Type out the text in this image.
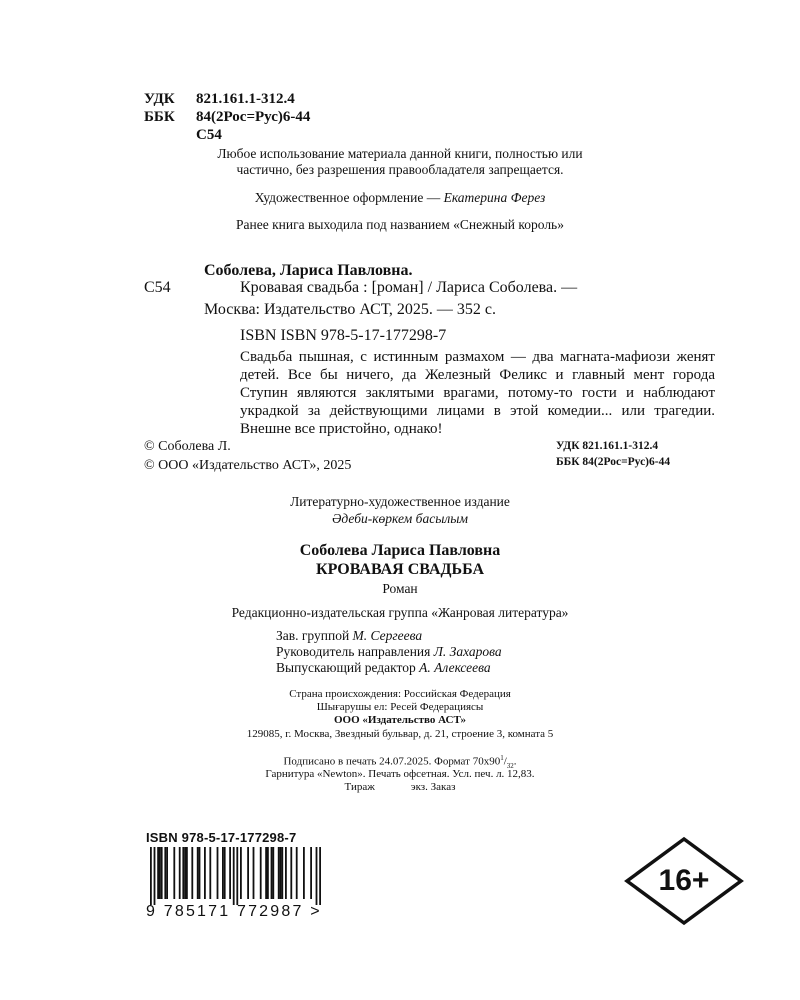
УДК	821.161.1-312.4
ББК	84(2Рос=Рус)6-44
С54
Любое использование материала данной книги, полностью или
частично, без разрешения правообладателя запрещается.
Художественное оформление — Екатерина Ферез
Ранее книга выходила под названием «Снежный король»
Соболева, Лариса Павловна.
С54	Кровавая свадьба : [роман] / Лариса Соболева. —
Москва: Издательство АСТ, 2025. — 352 с.
ISBN ISBN 978-5-17-177298-7
Свадьба пышная, с истинным размахом — два магната-мафиози женят детей. Все бы ничего, да Железный Феликс и главный мент города Ступин являются заклятыми врагами, потому-то гости и наблюдают украдкой за действующими лицами в этой комедии... или трагедии. Внешне все пристойно, однако!
© Соболева Л.
© ООО «Издательство АСТ», 2025
УДК 821.161.1-312.4
ББК 84(2Рос=Рус)6-44
Литературно-художественное издание
Әдеби-көркем басылым
Соболева Лариса Павловна
КРОВАВАЯ СВАДЬБА
Роман
Редакционно-издательская группа «Жанровая литература»
Зав. группой М. Сергеева
Руководитель направления Л. Захарова
Выпускающий редактор А. Алексеева
Страна происхождения: Российская Федерация
Шығарушы ел: Ресей Федерациясы
ООО «Издательство АСТ»
129085, г. Москва, Звездный бульвар, д. 21, строение 3, комната 5
Подписано в печать 24.07.2025. Формат $70x90^1/_{32}$.
Гарнитура «Newton». Печать офсетная. Усл. печ. л. 12,83.
Тираж	экз. Заказ
ISBN 978-5-17-177298-7
9 785171 772987 >
16+
